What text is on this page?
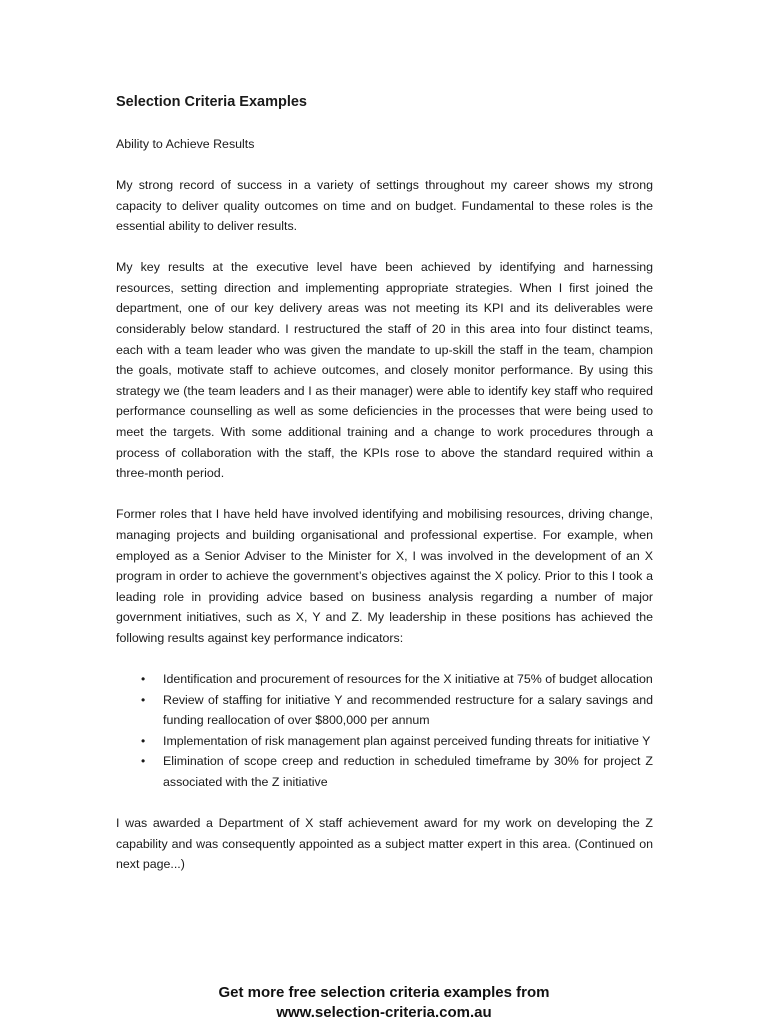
Selection Criteria Examples
Ability to Achieve Results

My strong record of success in a variety of settings throughout my career shows my strong capacity to deliver quality outcomes on time and on budget. Fundamental to these roles is the essential ability to deliver results.

My key results at the executive level have been achieved by identifying and harnessing resources, setting direction and implementing appropriate strategies. When I first joined the department, one of our key delivery areas was not meeting its KPI and its deliverables were considerably below standard. I restructured the staff of 20 in this area into four distinct teams, each with a team leader who was given the mandate to up-skill the staff in the team, champion the goals, motivate staff to achieve outcomes, and closely monitor performance. By using this strategy we (the team leaders and I as their manager) were able to identify key staff who required performance counselling as well as some deficiencies in the processes that were being used to meet the targets. With some additional training and a change to work procedures through a process of collaboration with the staff, the KPIs rose to above the standard required within a three-month period.

Former roles that I have held have involved identifying and mobilising resources, driving change, managing projects and building organisational and professional expertise. For example, when employed as a Senior Adviser to the Minister for X, I was involved in the development of an X program in order to achieve the government’s objectives against the X policy. Prior to this I took a leading role in providing advice based on business analysis regarding a number of major government initiatives, such as X, Y and Z. My leadership in these positions has achieved the following results against key performance indicators:

• Identification and procurement of resources for the X initiative at 75% of budget allocation
• Review of staffing for initiative Y and recommended restructure for a salary savings and funding reallocation of over $800,000 per annum
• Implementation of risk management plan against perceived funding threats for initiative Y
• Elimination of scope creep and reduction in scheduled timeframe by 30% for project Z associated with the Z initiative

I was awarded a Department of X staff achievement award for my work on developing the Z capability and was consequently appointed as a subject matter expert in this area. (Continued on next page...)

Get more free selection criteria examples from
www.selection-criteria.com.au
